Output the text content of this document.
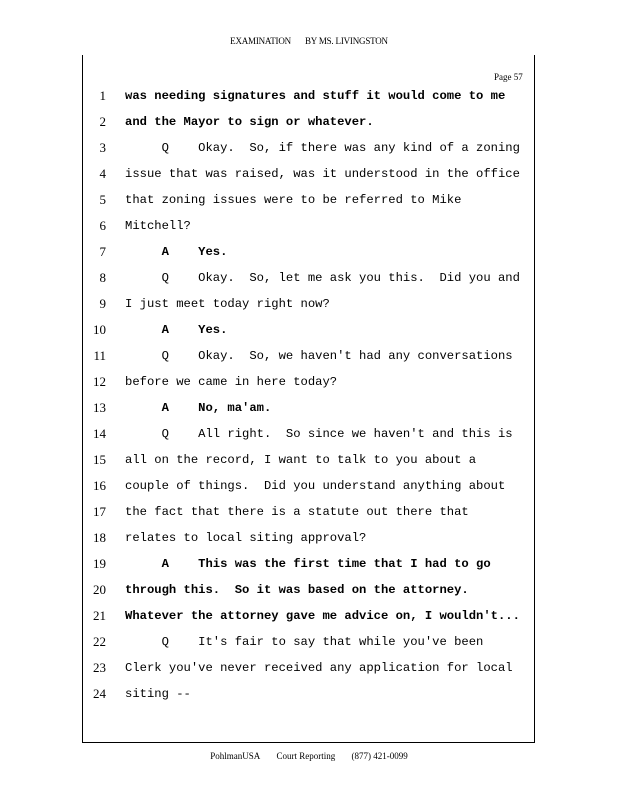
EXAMINATION BY MS. LIVINGSTON
Page 57
1 was needing signatures and stuff it would come to me
2 and the Mayor to sign or whatever.
3 Q    Okay.  So, if there was any kind of a zoning
4 issue that was raised, was it understood in the office
5 that zoning issues were to be referred to Mike
6 Mitchell?
7 A    Yes.
8 Q    Okay.  So, let me ask you this.  Did you and
9 I just meet today right now?
10 A    Yes.
11 Q    Okay.  So, we haven't had any conversations
12 before we came in here today?
13 A    No, ma'am.
14 Q    All right.  So since we haven't and this is
15 all on the record, I want to talk to you about a
16 couple of things.  Did you understand anything about
17 the fact that there is a statute out there that
18 relates to local siting approval?
19 A    This was the first time that I had to go
20 through this.  So it was based on the attorney.
21 Whatever the attorney gave me advice on, I wouldn't...
22 Q    It's fair to say that while you've been
23 Clerk you've never received any application for local
24 siting --
PohlmanUSA Court Reporting (877) 421-0099
